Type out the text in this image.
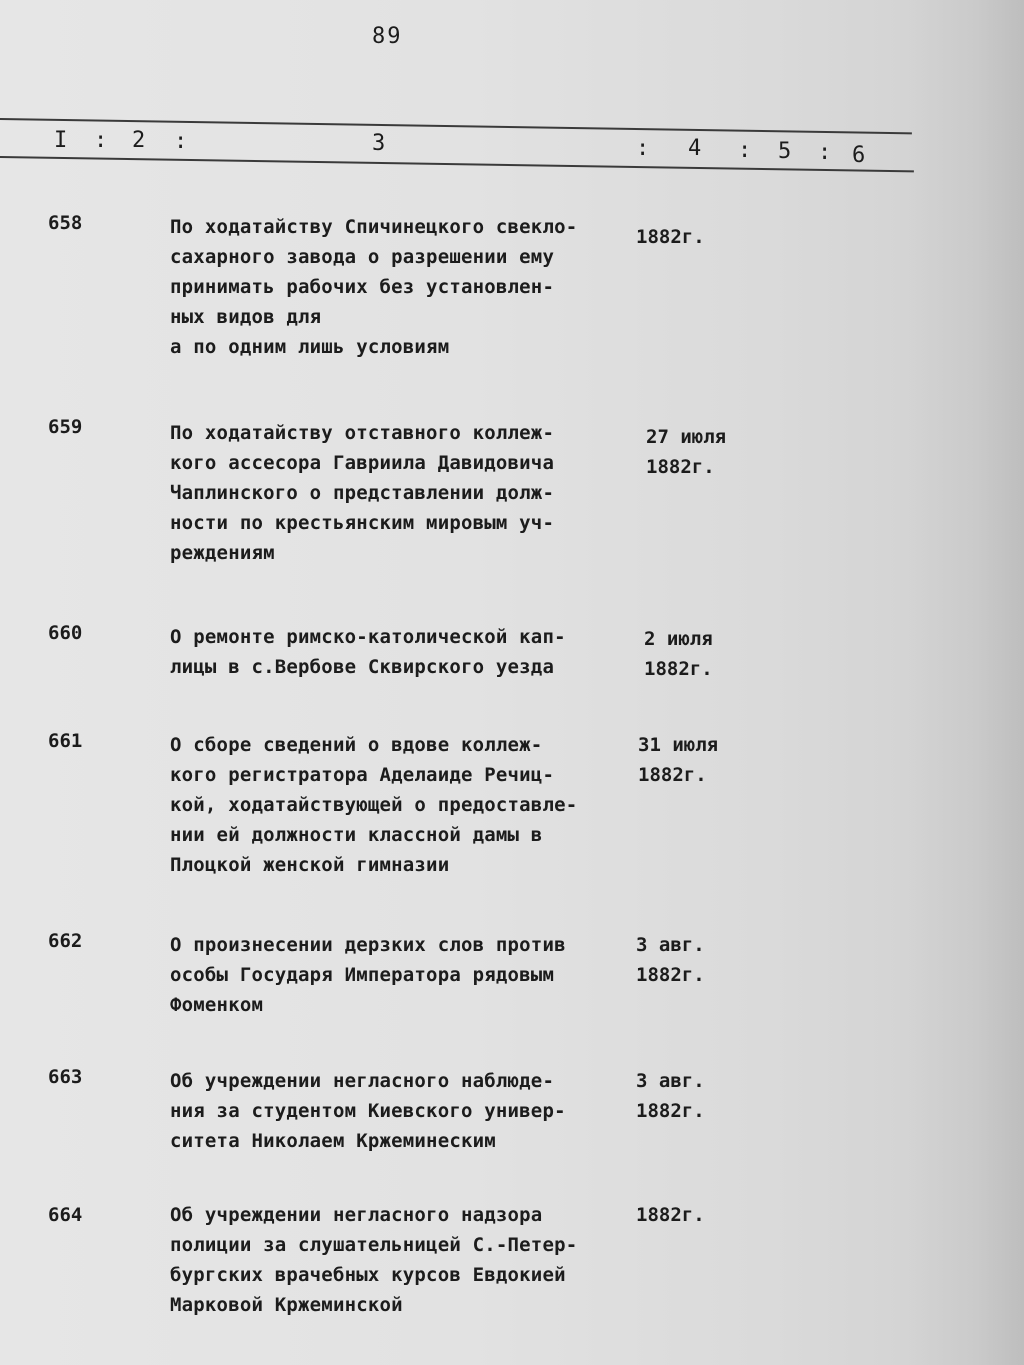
89
I : 2 :	3	: 4 : 5 : 6
658	По ходатайству Спичинецкого свекло-
сахарного завода о разрешении ему
принимать рабочих без установлен-
ных видов для
а по одним лишь условиям
1882г.
659	По ходатайству отставного коллеж-
кого ассесора Гавриила Давидовича
Чаплинского о представлении долж-
ности по крестьянским мировым уч-
реждениям
27 июля
1882г.
660	О ремонте римско-католической кап-
лицы в с.Вербове Сквирского уезда
2 июля
1882г.
661	О сборе сведений о вдове коллеж-
кого регистратора Аделаиде Речиц-
кой, ходатайствующей о предоставле-
нии ей должности классной дамы в
Плоцкой женской гимназии
31 июля
1882г.
662	О произнесении дерзких слов против
особы Государя Императора рядовым
Фоменком
3 авг.
1882г.
663	Об учреждении негласного наблюде-
ния за студентом Киевского универ-
ситета Николаем Кржеминеским
3 авг.
1882г.
664	Об учреждении негласного надзора
полиции за слушательницей С.-Петер-
бургских врачебных курсов Евдокией
Марковой Кржеминской
1882г.
